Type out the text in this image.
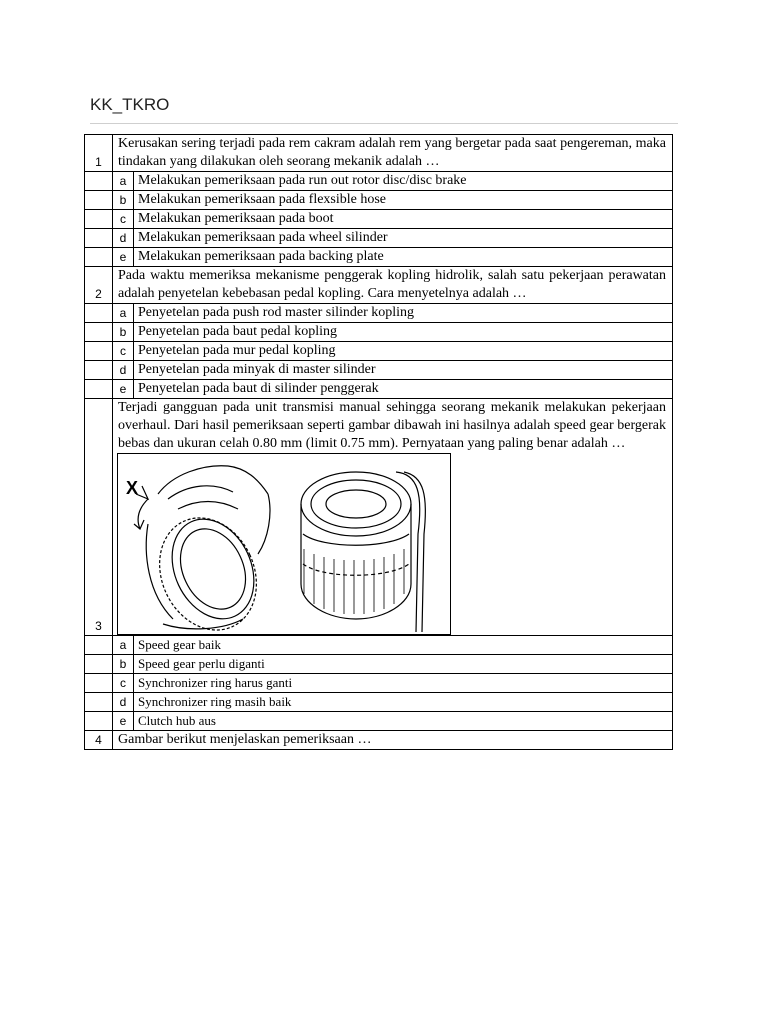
KK_TKRO
1	Kerusakan sering terjadi pada rem cakram adalah rem yang bergetar pada saat pengereman, maka tindakan yang dilakukan oleh seorang mekanik adalah …	
	a	Melakukan pemeriksaan pada run out rotor disc/disc brake
	b	Melakukan pemeriksaan pada flexsible hose
	c	Melakukan pemeriksaan pada boot
	d	Melakukan pemeriksaan pada wheel silinder
	e	Melakukan pemeriksaan pada backing plate
2	Pada waktu memeriksa mekanisme penggerak kopling hidrolik, salah satu pekerjaan perawatan adalah penyetelan kebebasan pedal kopling. Cara menyetelnya adalah …	
	a	Penyetelan pada push rod master silinder kopling
	b	Penyetelan pada baut pedal kopling
	c	Penyetelan pada mur pedal kopling
	d	Penyetelan pada minyak di master silinder
	e	Penyetelan pada baut di silinder penggerak
3	Terjadi gangguan pada unit transmisi manual sehingga seorang mekanik melakukan pekerjaan overhaul. Dari hasil pemeriksaan seperti gambar dibawah ini hasilnya adalah speed gear bergerak bebas dan ukuran celah 0.80 mm (limit 0.75 mm). Pernyataan yang paling benar adalah …
X	

	a	Speed gear baik
	b	Speed gear perlu diganti
	c	Synchronizer ring harus ganti
	d	Synchronizer ring masih baik
	e	Clutch hub aus
4	Gambar berikut menjelaskan pemeriksaan …	
